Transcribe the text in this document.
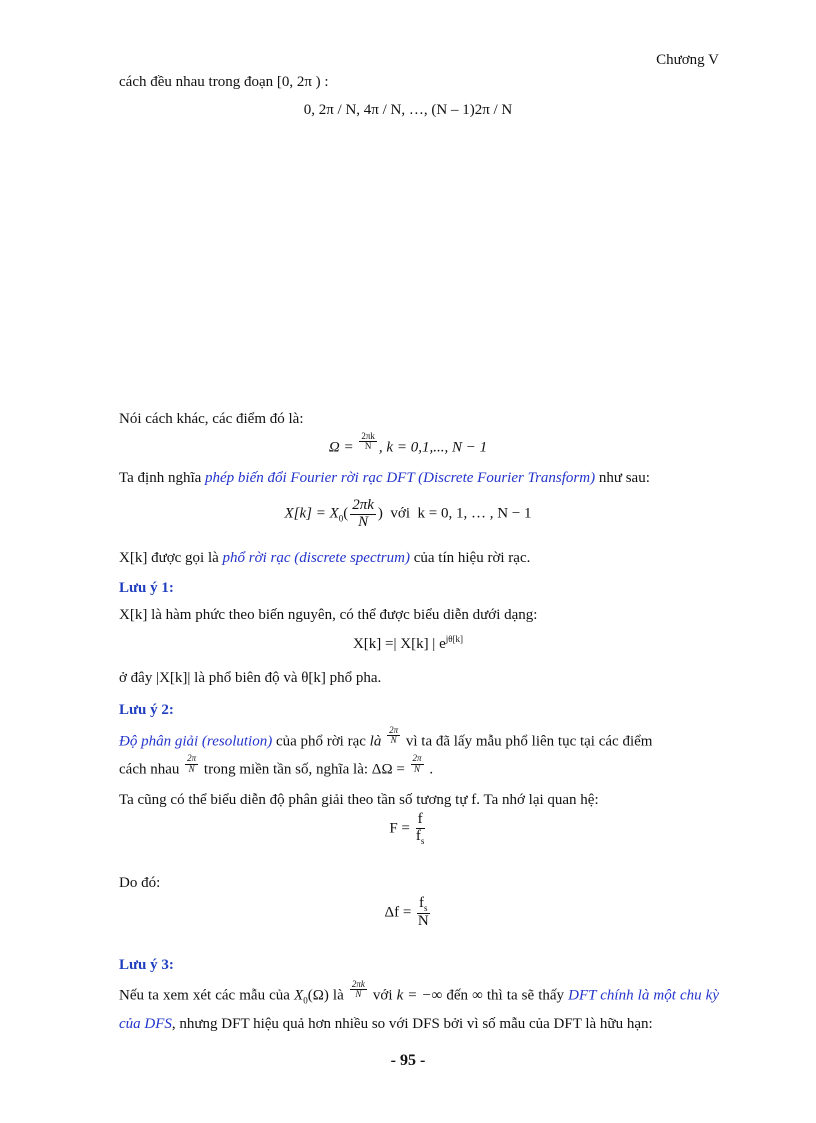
Chương V
cách đều nhau trong đoạn [0, 2π ) :
0, 2π / N, 4π / N, …, (N – 1)2π / N
Nói cách khác, các điểm đó là:
$\Omega = \frac{2\pi k}{N}$ , k = 0,1,..., N − 1
Ta định nghĩa phép biến đổi Fourier rời rạc DFT (Discrete Fourier Transform) như sau:
$X[k] = X_0( \frac{2\pi k}{N}$ )  với  k = 0, 1, … , N − 1
X[k] được gọi là phổ rời rạc (discrete spectrum) của tín hiệu rời rạc.
Lưu ý 1:
X[k] là hàm phức theo biến nguyên, có thể được biểu diễn dưới dạng:
X[k] =| X[k] | $e^{j\theta[k]}$
ở đây |X[k]| là phổ biên độ và θ[k] phổ pha.
Lưu ý 2:
Độ phân giải (resolution) của phổ rời rạc là $\frac{2\pi}{N}$ vì ta đã lấy mẫu phổ liên tục tại các điểm
cách nhau $\frac{2\pi}{N}$ trong miền tần số, nghĩa là: $\Delta\Omega = \frac{2\pi}{N}$ .
Ta cũng có thể biểu diễn độ phân giải theo tần số tương tự f. Ta nhớ lại quan hệ:
$F = \frac{f}{f_s}$
Do đó:
$\Delta f = \frac{f_s}{N}$
Lưu ý 3:
Nếu ta xem xét các mẫu của $X_0(\Omega)$ là $\frac{2\pi k}{N}$ với k = −∞ đến ∞ thì ta sẽ thấy DFT chính là một chu kỳ của DFS, nhưng DFT hiệu quả hơn nhiều so với DFS bởi vì số mẫu của DFT là hữu hạn:
- 95 -
